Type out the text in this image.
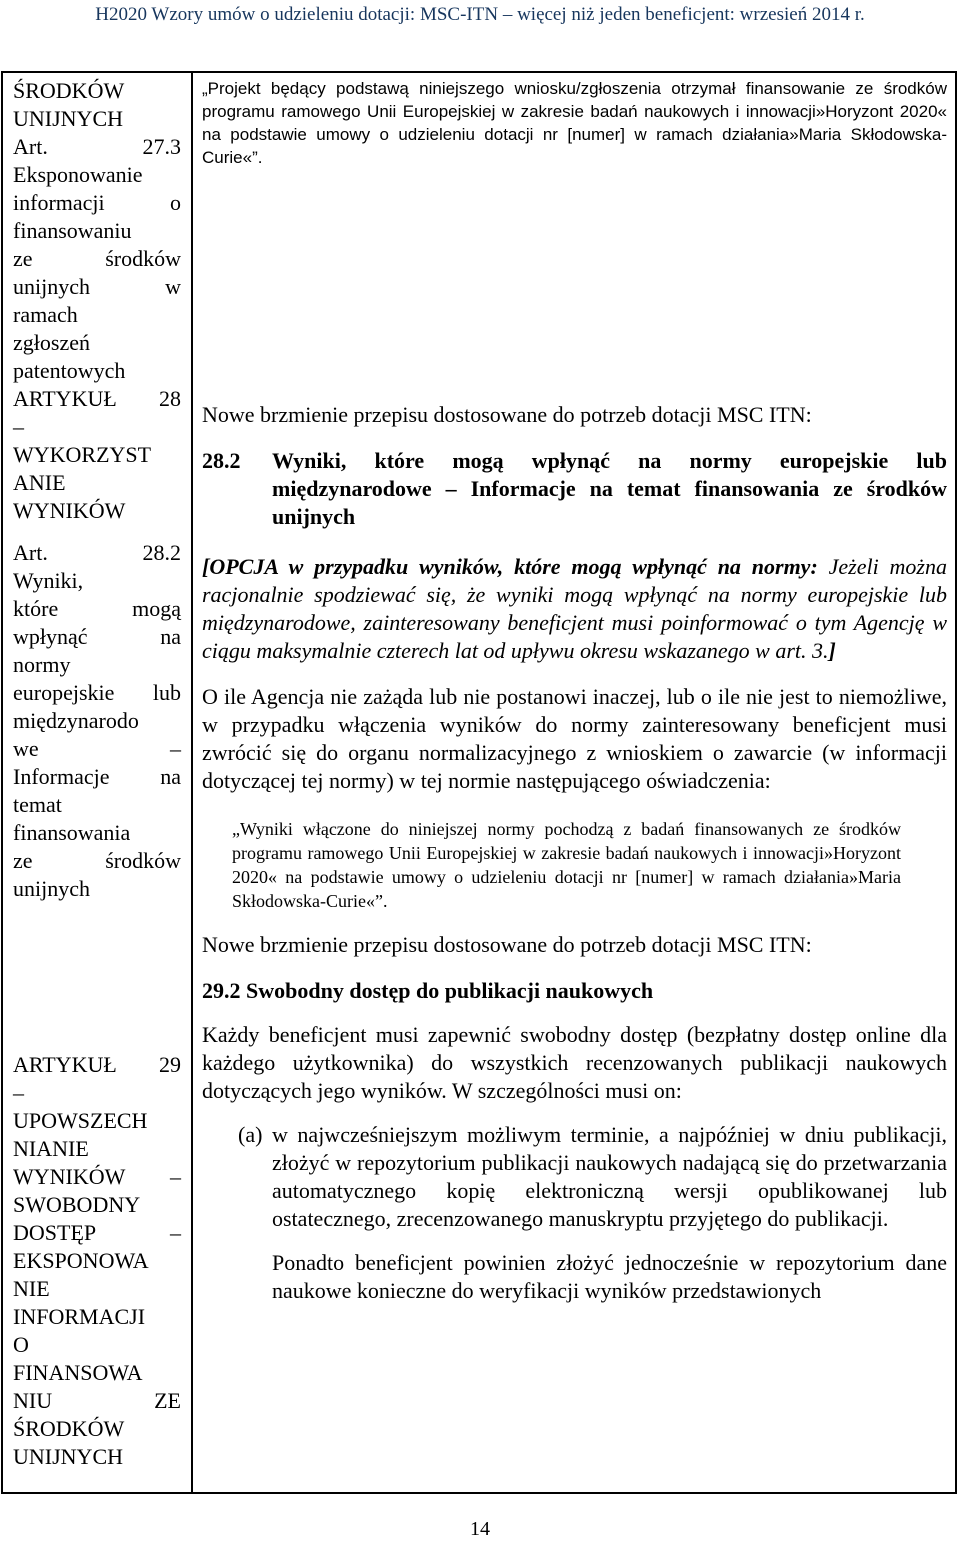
H2020 Wzory umów o udzieleniu dotacji: MSC-ITN – więcej niż jeden beneficjent: wrzesień 2014 r.

ŚRODKÓW

UNIJNYCH

Art. 27.3

Eksponowanie

informacji o

finansowaniu

ze środków

unijnych w

ramach

zgłoszeń

patentowych

ARTYKUŁ 28

–

WYKORZYST

ANIE

WYNIKÓW

Art. 28.2

Wyniki,

które mogą

wpłynąć na

normy

europejskie lub

międzynarodo

we –

Informacje na

temat

finansowania

ze środków

unijnych

ARTYKUŁ 29

–

UPOWSZECH

NIANIE

WYNIKÓW –

SWOBODNY

DOSTĘP –

EKSPONOWA

NIE

INFORMACJI

O

FINANSOWA

NIU ZE

ŚRODKÓW

UNIJNYCH

„Projekt będący podstawą niniejszego wniosku/zgłoszenia otrzymał finansowanie ze środków programu ramowego Unii Europejskiej w zakresie badań naukowych i innowacji»Horyzont 2020« na podstawie umowy o udzieleniu dotacji nr [numer] w ramach działania»Maria Skłodowska-Curie«”.

Nowe brzmienie przepisu dostosowane do potrzeb dotacji MSC ITN:

28.2	Wyniki, które mogą wpłynąć na normy europejskie lub międzynarodowe – Informacje na temat finansowania ze środków unijnych

[OPCJA w przypadku wyników, które mogą wpłynąć na normy: Jeżeli można racjonalnie spodziewać się, że wyniki mogą wpłynąć na normy europejskie lub międzynarodowe, zainteresowany beneficjent musi poinformować o tym Agencję w ciągu maksymalnie czterech lat od upływu okresu wskazanego w art. 3.]

O ile Agencja nie zażąda lub nie postanowi inaczej, lub o ile nie jest to niemożliwe, w przypadku włączenia wyników do normy zainteresowany beneficjent musi zwrócić się do organu normalizacyjnego z wnioskiem o zawarcie (w informacji dotyczącej tej normy) w tej normie następującego oświadczenia:

„Wyniki włączone do niniejszej normy pochodzą z badań finansowanych ze środków programu ramowego Unii Europejskiej w zakresie badań naukowych i innowacji»Horyzont 2020« na podstawie umowy o udzieleniu dotacji nr [numer] w ramach działania»Maria Skłodowska-Curie«”.

Nowe brzmienie przepisu dostosowane do potrzeb dotacji MSC ITN:

29.2 Swobodny dostęp do publikacji naukowych

Każdy beneficjent musi zapewnić swobodny dostęp (bezpłatny dostęp online dla każdego użytkownika) do wszystkich recenzowanych publikacji naukowych dotyczących jego wyników. W szczególności musi on:

(a) w najwcześniejszym możliwym terminie, a najpóźniej w dniu publikacji, złożyć w repozytorium publikacji naukowych nadającą się do przetwarzania automatycznego kopię elektroniczną wersji opublikowanej lub ostatecznego, zrecenzowanego manuskryptu przyjętego do publikacji.

Ponadto beneficjent powinien złożyć jednocześnie w repozytorium dane naukowe konieczne do weryfikacji wyników przedstawionych

14
